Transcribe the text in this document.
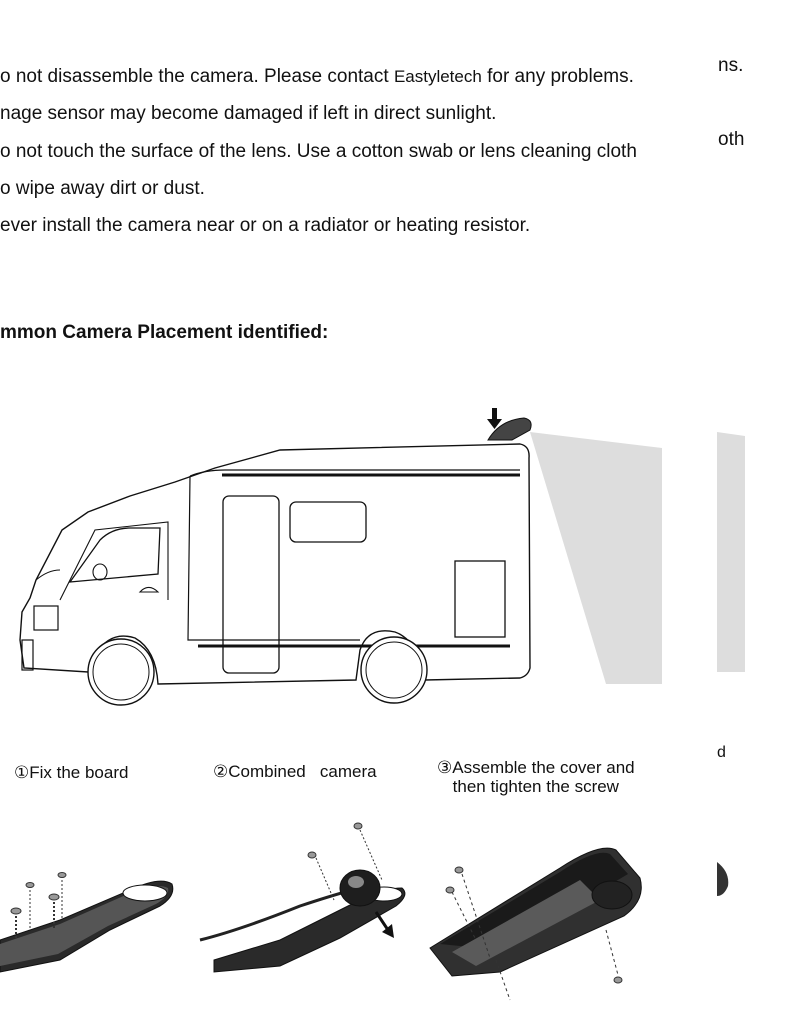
o not disassemble the camera. Please contact Eastyletech for any problems.
nage sensor may become damaged if left in direct sunlight.
o not touch the surface of the lens. Use a cotton swab or lens cleaning cloth
o wipe away dirt or dust.
ever install the camera near or on a radiator or heating resistor.
ns.
oth
mmon Camera Placement identified:
①Fix the board	②Combined   camera	③Assemble the cover and
then tighten the screw
d
